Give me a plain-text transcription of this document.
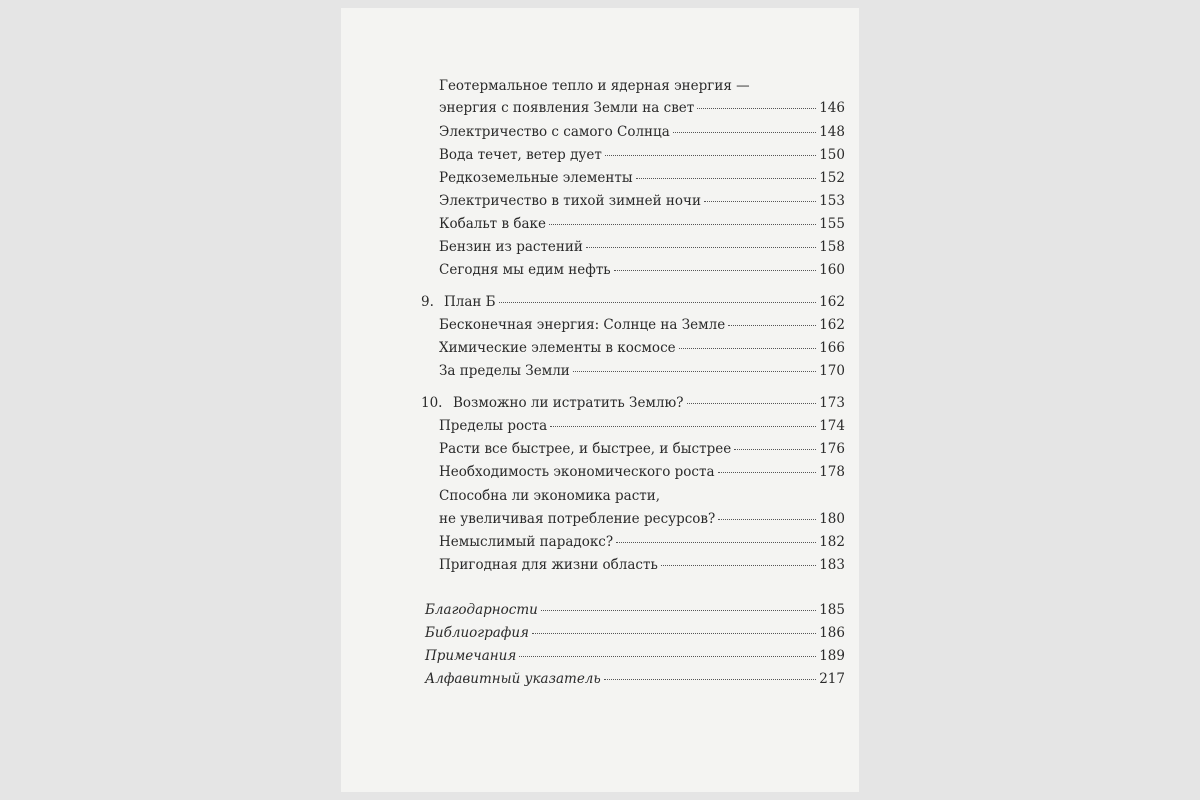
Геотермальное тепло и ядерная энергия —
энергия с появления Земли на свет	146
Электричество с самого Солнца	148
Вода течет, ветер дует	150
Редкоземельные элементы	152
Электричество в тихой зимней ночи	153
Кобальт в баке	155
Бензин из растений	158
Сегодня мы едим нефть	160
9. План Б	162
Бесконечная энергия: Солнце на Земле	162
Химические элементы в космосе	166
За пределы Земли	170
10. Возможно ли истратить Землю?	173
Пределы роста	174
Расти все быстрее, и быстрее, и быстрее	176
Необходимость экономического роста	178
Способна ли экономика расти,
не увеличивая потребление ресурсов?	180
Немыслимый парадокс?	182
Пригодная для жизни область	183
Благодарности	185
Библиография	186
Примечания	189
Алфавитный указатель	217
